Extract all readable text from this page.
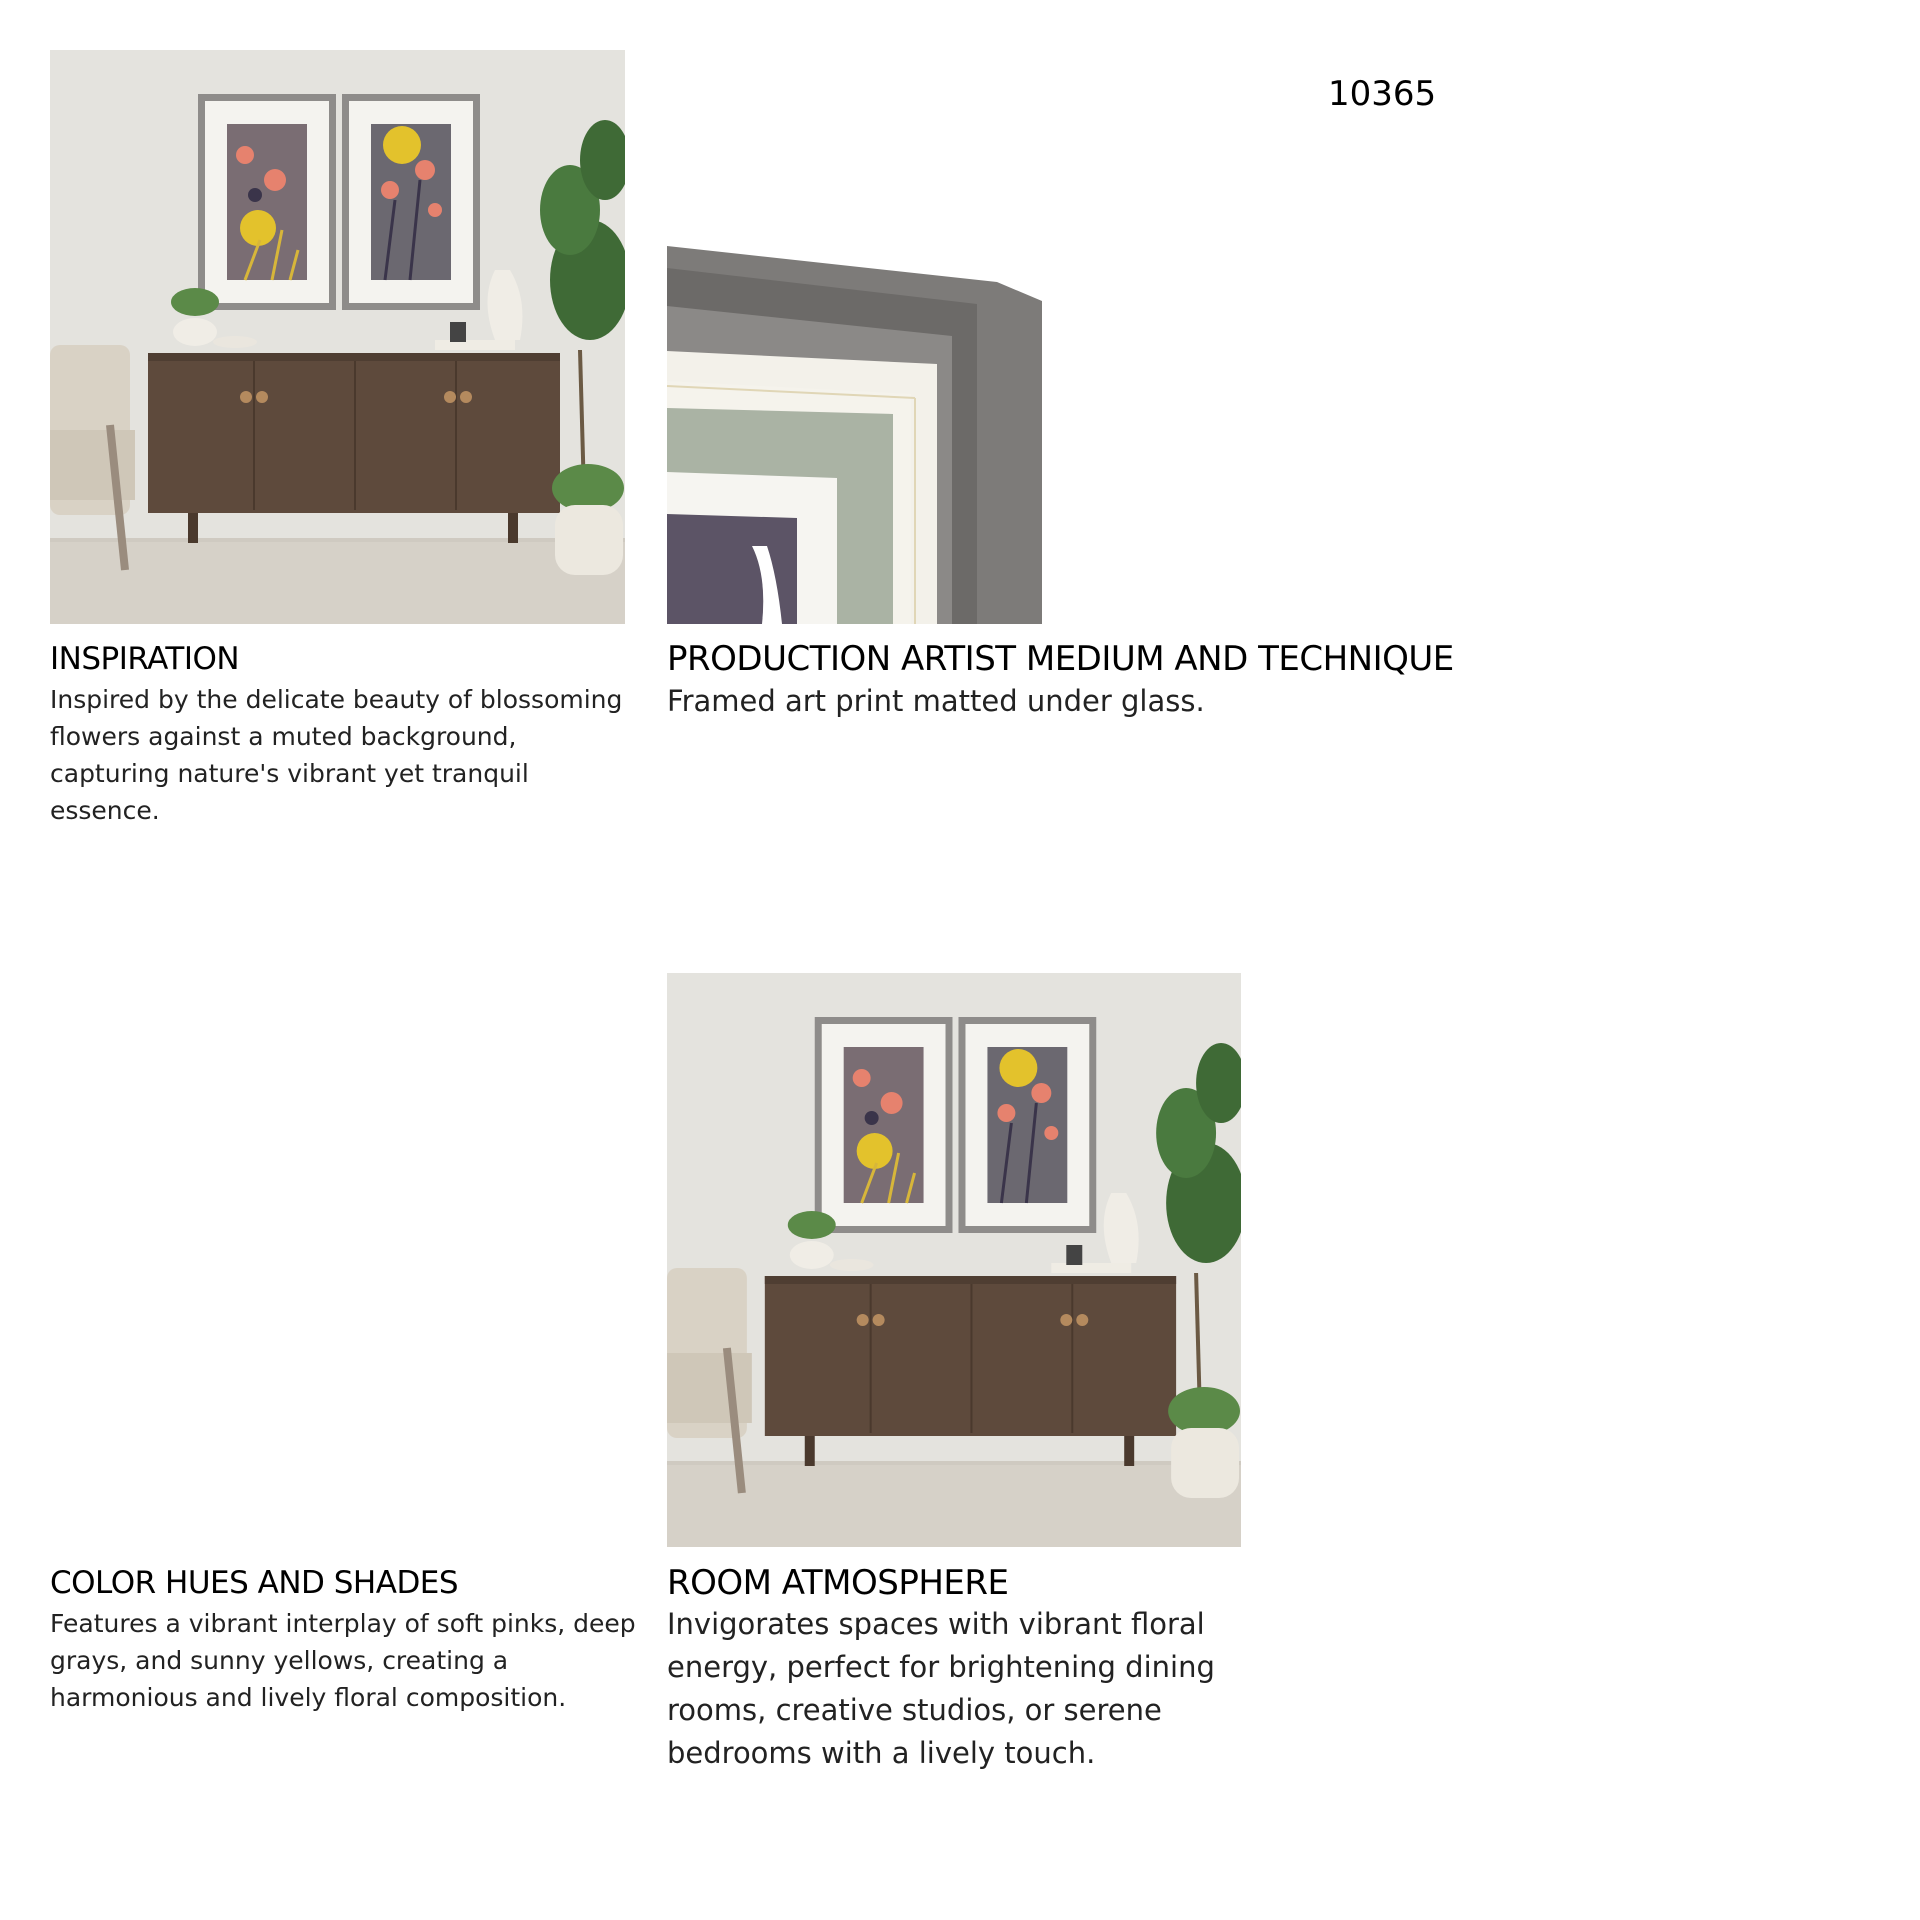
10365
INSPIRATION

Inspired by the delicate beauty of blossoming flowers against a muted background, capturing nature's vibrant yet tranquil essence.

PRODUCTION ARTIST MEDIUM AND TECHNIQUE

Framed art print matted under glass.

COLOR HUES AND SHADES

Features a vibrant interplay of soft pinks, deep grays, and sunny yellows, creating a harmonious and lively floral composition.

ROOM ATMOSPHERE

Invigorates spaces with vibrant floral energy, perfect for brightening dining rooms, creative studios, or serene bedrooms with a lively touch.
